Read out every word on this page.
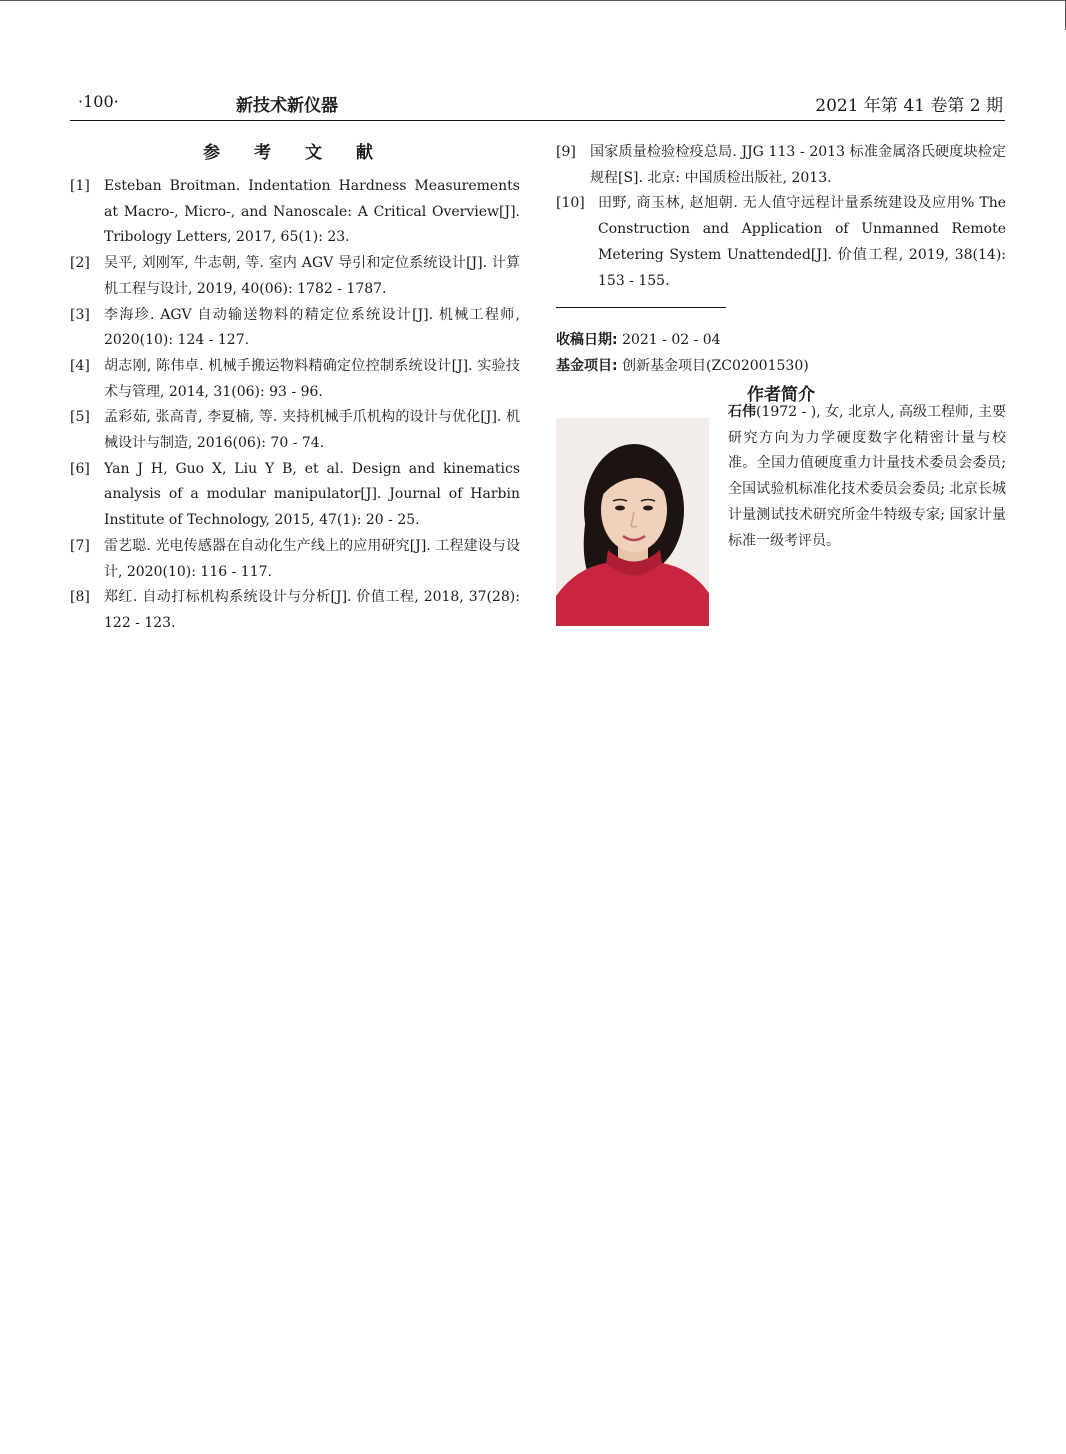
·100·	新技术新仪器	2021 年第 41 卷第 2 期
参 考 文 献
[1] Esteban Broitman. Indentation Hardness Measurements at Macro-, Micro-, and Nanoscale: A Critical Overview[J]. Tribology Letters, 2017, 65(1): 23.
[2] 吴平, 刘刚军, 牛志朝, 等. 室内 AGV 导引和定位系统设计[J]. 计算机工程与设计, 2019, 40(06): 1782 - 1787.
[3] 李海珍. AGV 自动输送物料的精定位系统设计[J]. 机械工程师, 2020(10): 124 - 127.
[4] 胡志刚, 陈伟卓. 机械手搬运物料精确定位控制系统设计[J]. 实验技术与管理, 2014, 31(06): 93 - 96.
[5] 孟彩茹, 张高青, 李夏楠, 等. 夹持机械手爪机构的设计与优化[J]. 机械设计与制造, 2016(06): 70 - 74.
[6] Yan J H, Guo X, Liu Y B, et al. Design and kinematics analysis of a modular manipulator[J]. Journal of Harbin Institute of Technology, 2015, 47(1): 20 - 25.
[7] 雷艺聪. 光电传感器在自动化生产线上的应用研究[J]. 工程建设与设计, 2020(10): 116 - 117.
[8] 郑红. 自动打标机构系统设计与分析[J]. 价值工程, 2018, 37(28): 122 - 123.
[9] 国家质量检验检疫总局. JJG 113 - 2013 标准金属洛氏硬度块检定规程[S]. 北京: 中国质检出版社, 2013.
[10] 田野, 商玉林, 赵旭朝. 无人值守远程计量系统建设及应用% The Construction and Application of Unmanned Remote Metering System Unattended[J]. 价值工程, 2019, 38(14): 153 - 155.
收稿日期: 2021 - 02 - 04
基金项目: 创新基金项目(ZC02001530)
作者简介
石伟(1972 - ), 女, 北京人, 高级工程师, 主要研究方向为力学硬度数字化精密计量与校准。全国力值硬度重力计量技术委员会委员; 全国试验机标准化技术委员会委员; 北京长城计量测试技术研究所金牛特级专家; 国家计量标准一级考评员。
